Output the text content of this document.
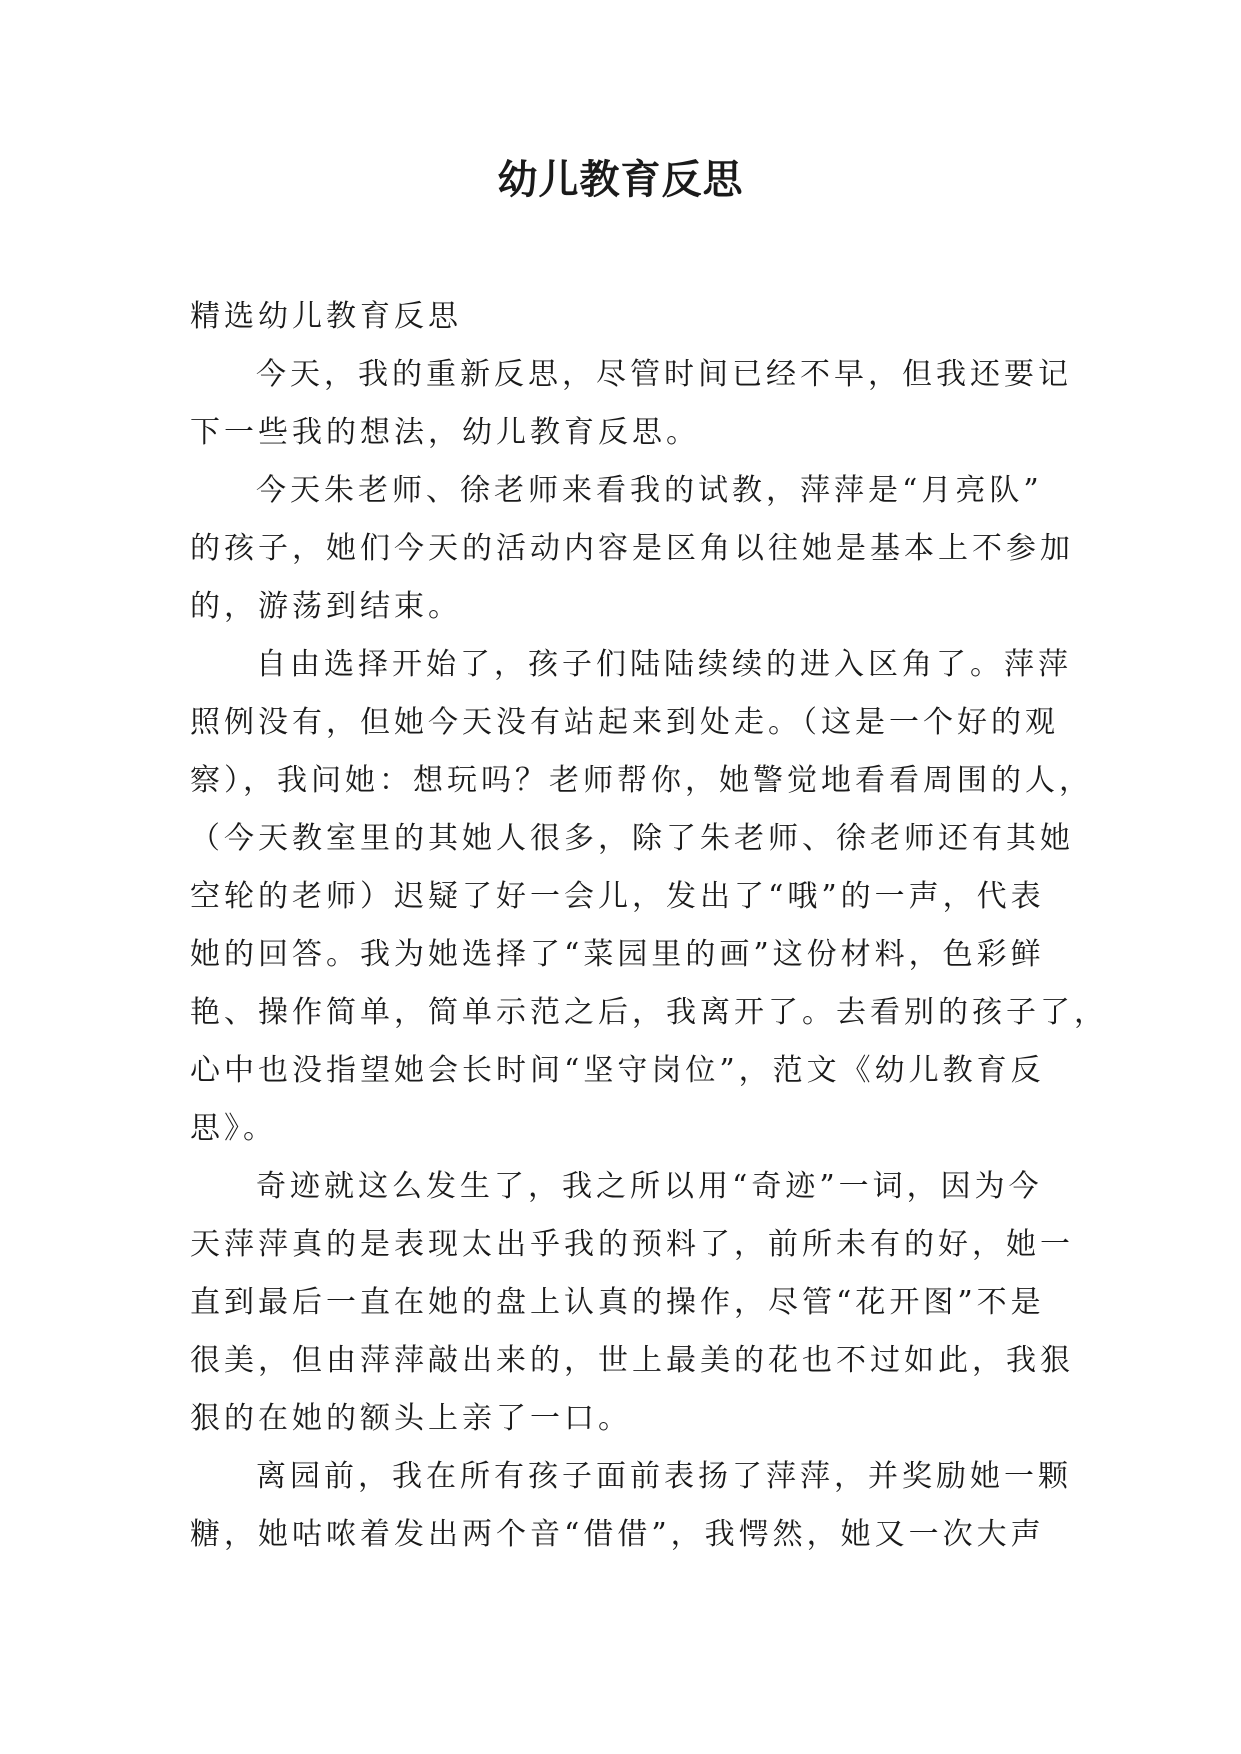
幼儿教育反思

精选幼儿教育反思

今天，我的重新反思，尽管时间已经不早，但我还要记
下一些我的想法，幼儿教育反思。

今天朱老师、徐老师来看我的试教，萍萍是“月亮队”
的孩子，她们今天的活动内容是区角以往她是基本上不参加
的，游荡到结束。

自由选择开始了，孩子们陆陆续续的进入区角了。萍萍
照例没有，但她今天没有站起来到处走。（这是一个好的观
察），我问她：想玩吗？老师帮你，她警觉地看看周围的人，
（今天教室里的其她人很多，除了朱老师、徐老师还有其她
空轮的老师）迟疑了好一会儿，发出了“哦”的一声，代表
她的回答。我为她选择了“菜园里的画”这份材料，色彩鲜
艳、操作简单，简单示范之后，我离开了。去看别的孩子了，
心中也没指望她会长时间“坚守岗位”，范文《幼儿教育反
思》。

奇迹就这么发生了，我之所以用“奇迹”一词，因为今
天萍萍真的是表现太出乎我的预料了，前所未有的好，她一
直到最后一直在她的盘上认真的操作，尽管“花开图”不是
很美，但由萍萍敲出来的，世上最美的花也不过如此，我狠
狠的在她的额头上亲了一口。

离园前，我在所有孩子面前表扬了萍萍，并奖励她一颗
糖，她咕哝着发出两个音“借借”，我愕然，她又一次大声
